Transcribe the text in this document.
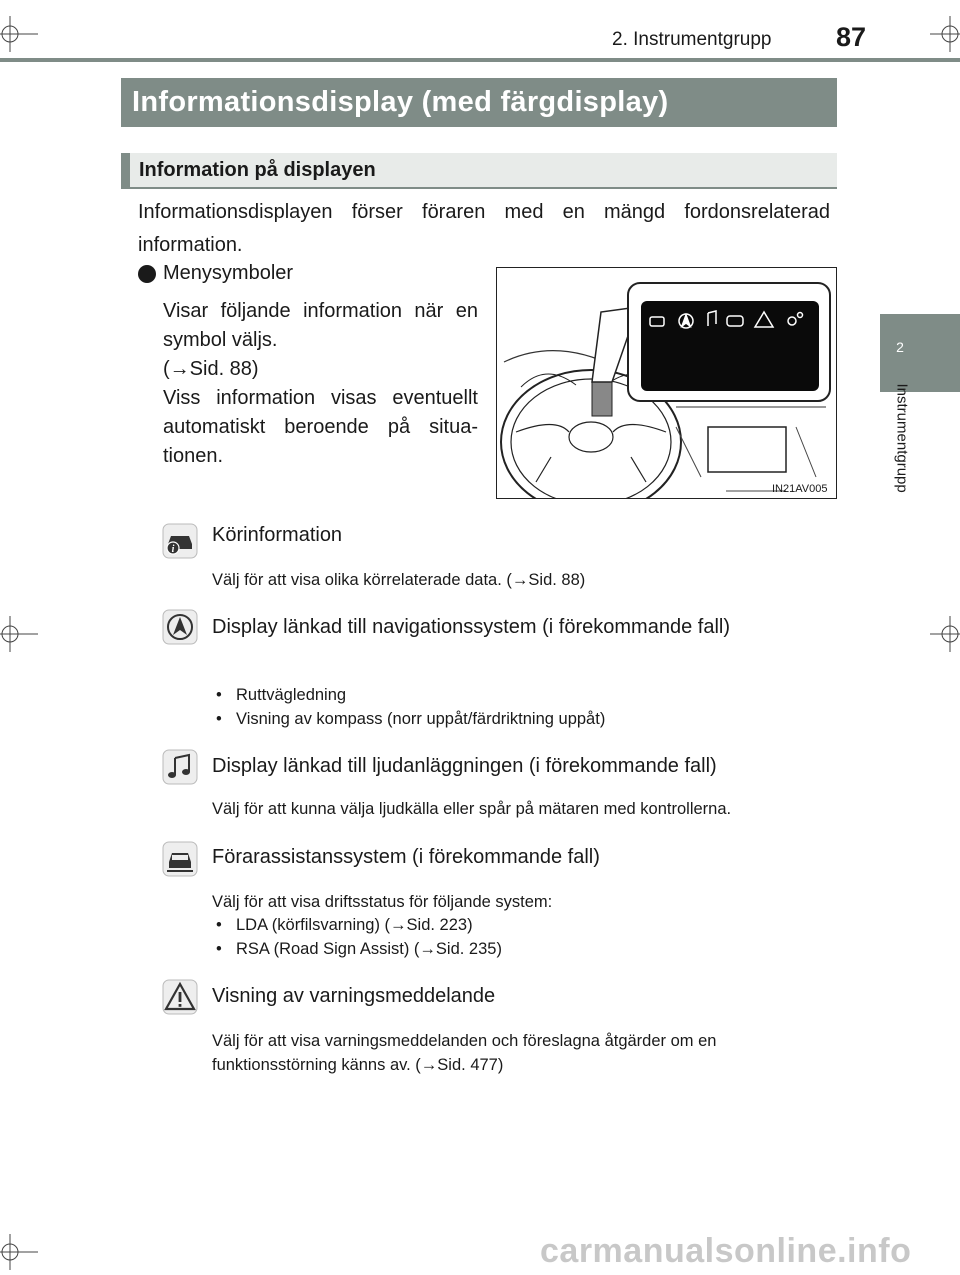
2. Instrumentgrupp 87
2
Instrumentgrupp
Informationsdisplay (med färgdisplay)
Information på displayen
Informationsdisplayen förser föraren med en mängd fordonsrelaterad information.
Menysymboler
Visar följande information när en
symbol väljs.
(→Sid. 88)
Viss information visas eventuellt
automatiskt beroende på situa-
tionen.
IN21AV005
i
Körinformation
Välj för att visa olika körrelaterade data. (→Sid. 88)
Display länkad till navigationssystem (i förekommande fall)
• Ruttvägledning
• Visning av kompass (norr uppåt/färdriktning uppåt)
Display länkad till ljudanläggningen (i förekommande fall)
Välj för att kunna välja ljudkälla eller spår på mätaren med kontrollerna.
Förarassistanssystem (i förekommande fall)
Välj för att visa driftsstatus för följande system:
• LDA (körfilsvarning) (→Sid. 223)
• RSA (Road Sign Assist) (→Sid. 235)
Visning av varningsmeddelande
Välj för att visa varningsmeddelanden och föreslagna åtgärder om en funktionsstörning känns av. (→Sid. 477)
carmanualsonline.info
